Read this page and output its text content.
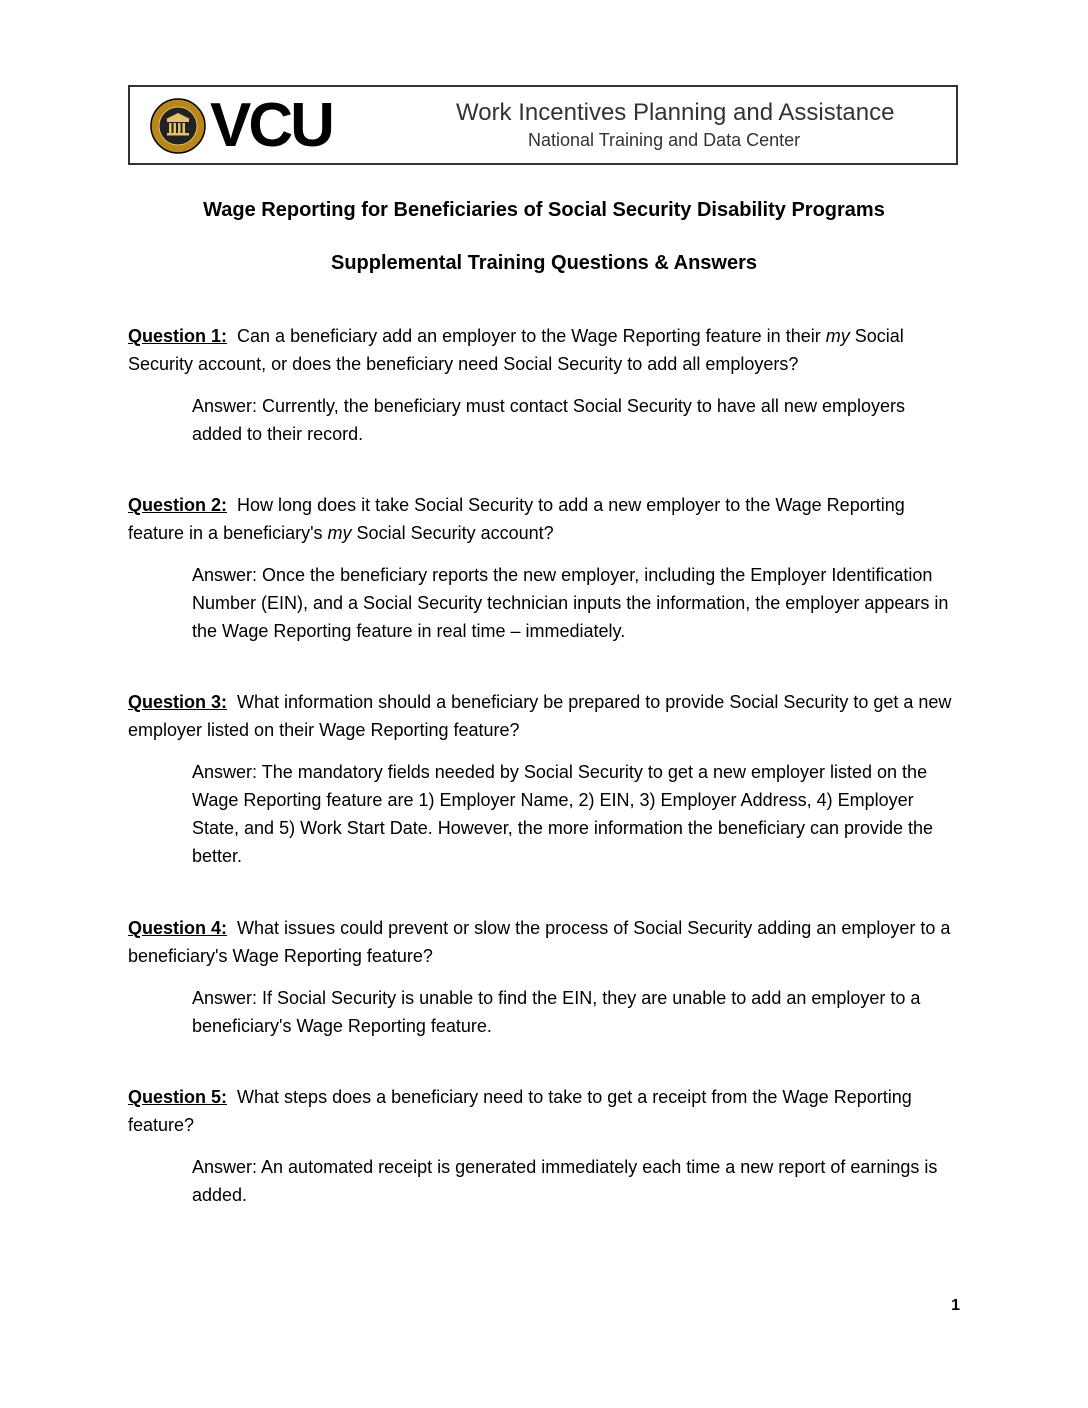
VCU	Work Incentives Planning and Assistance
National Training and Data Center
Wage Reporting for Beneficiaries of Social Security Disability Programs
Supplemental Training Questions & Answers

Question 1: Can a beneficiary add an employer to the Wage Reporting feature in their my Social Security account, or does the beneficiary need Social Security to add all employers?

Answer: Currently, the beneficiary must contact Social Security to have all new employers added to their record.

Question 2: How long does it take Social Security to add a new employer to the Wage Reporting feature in a beneficiary's my Social Security account?

Answer: Once the beneficiary reports the new employer, including the Employer Identification Number (EIN), and a Social Security technician inputs the information, the employer appears in the Wage Reporting feature in real time – immediately.

Question 3: What information should a beneficiary be prepared to provide Social Security to get a new employer listed on their Wage Reporting feature?

Answer: The mandatory fields needed by Social Security to get a new employer listed on the Wage Reporting feature are 1) Employer Name, 2) EIN, 3) Employer Address, 4) Employer State, and 5) Work Start Date. However, the more information the beneficiary can provide the better.

Question 4: What issues could prevent or slow the process of Social Security adding an employer to a beneficiary's Wage Reporting feature?

Answer: If Social Security is unable to find the EIN, they are unable to add an employer to a beneficiary's Wage Reporting feature.

Question 5: What steps does a beneficiary need to take to get a receipt from the Wage Reporting feature?

Answer: An automated receipt is generated immediately each time a new report of earnings is added.

1
